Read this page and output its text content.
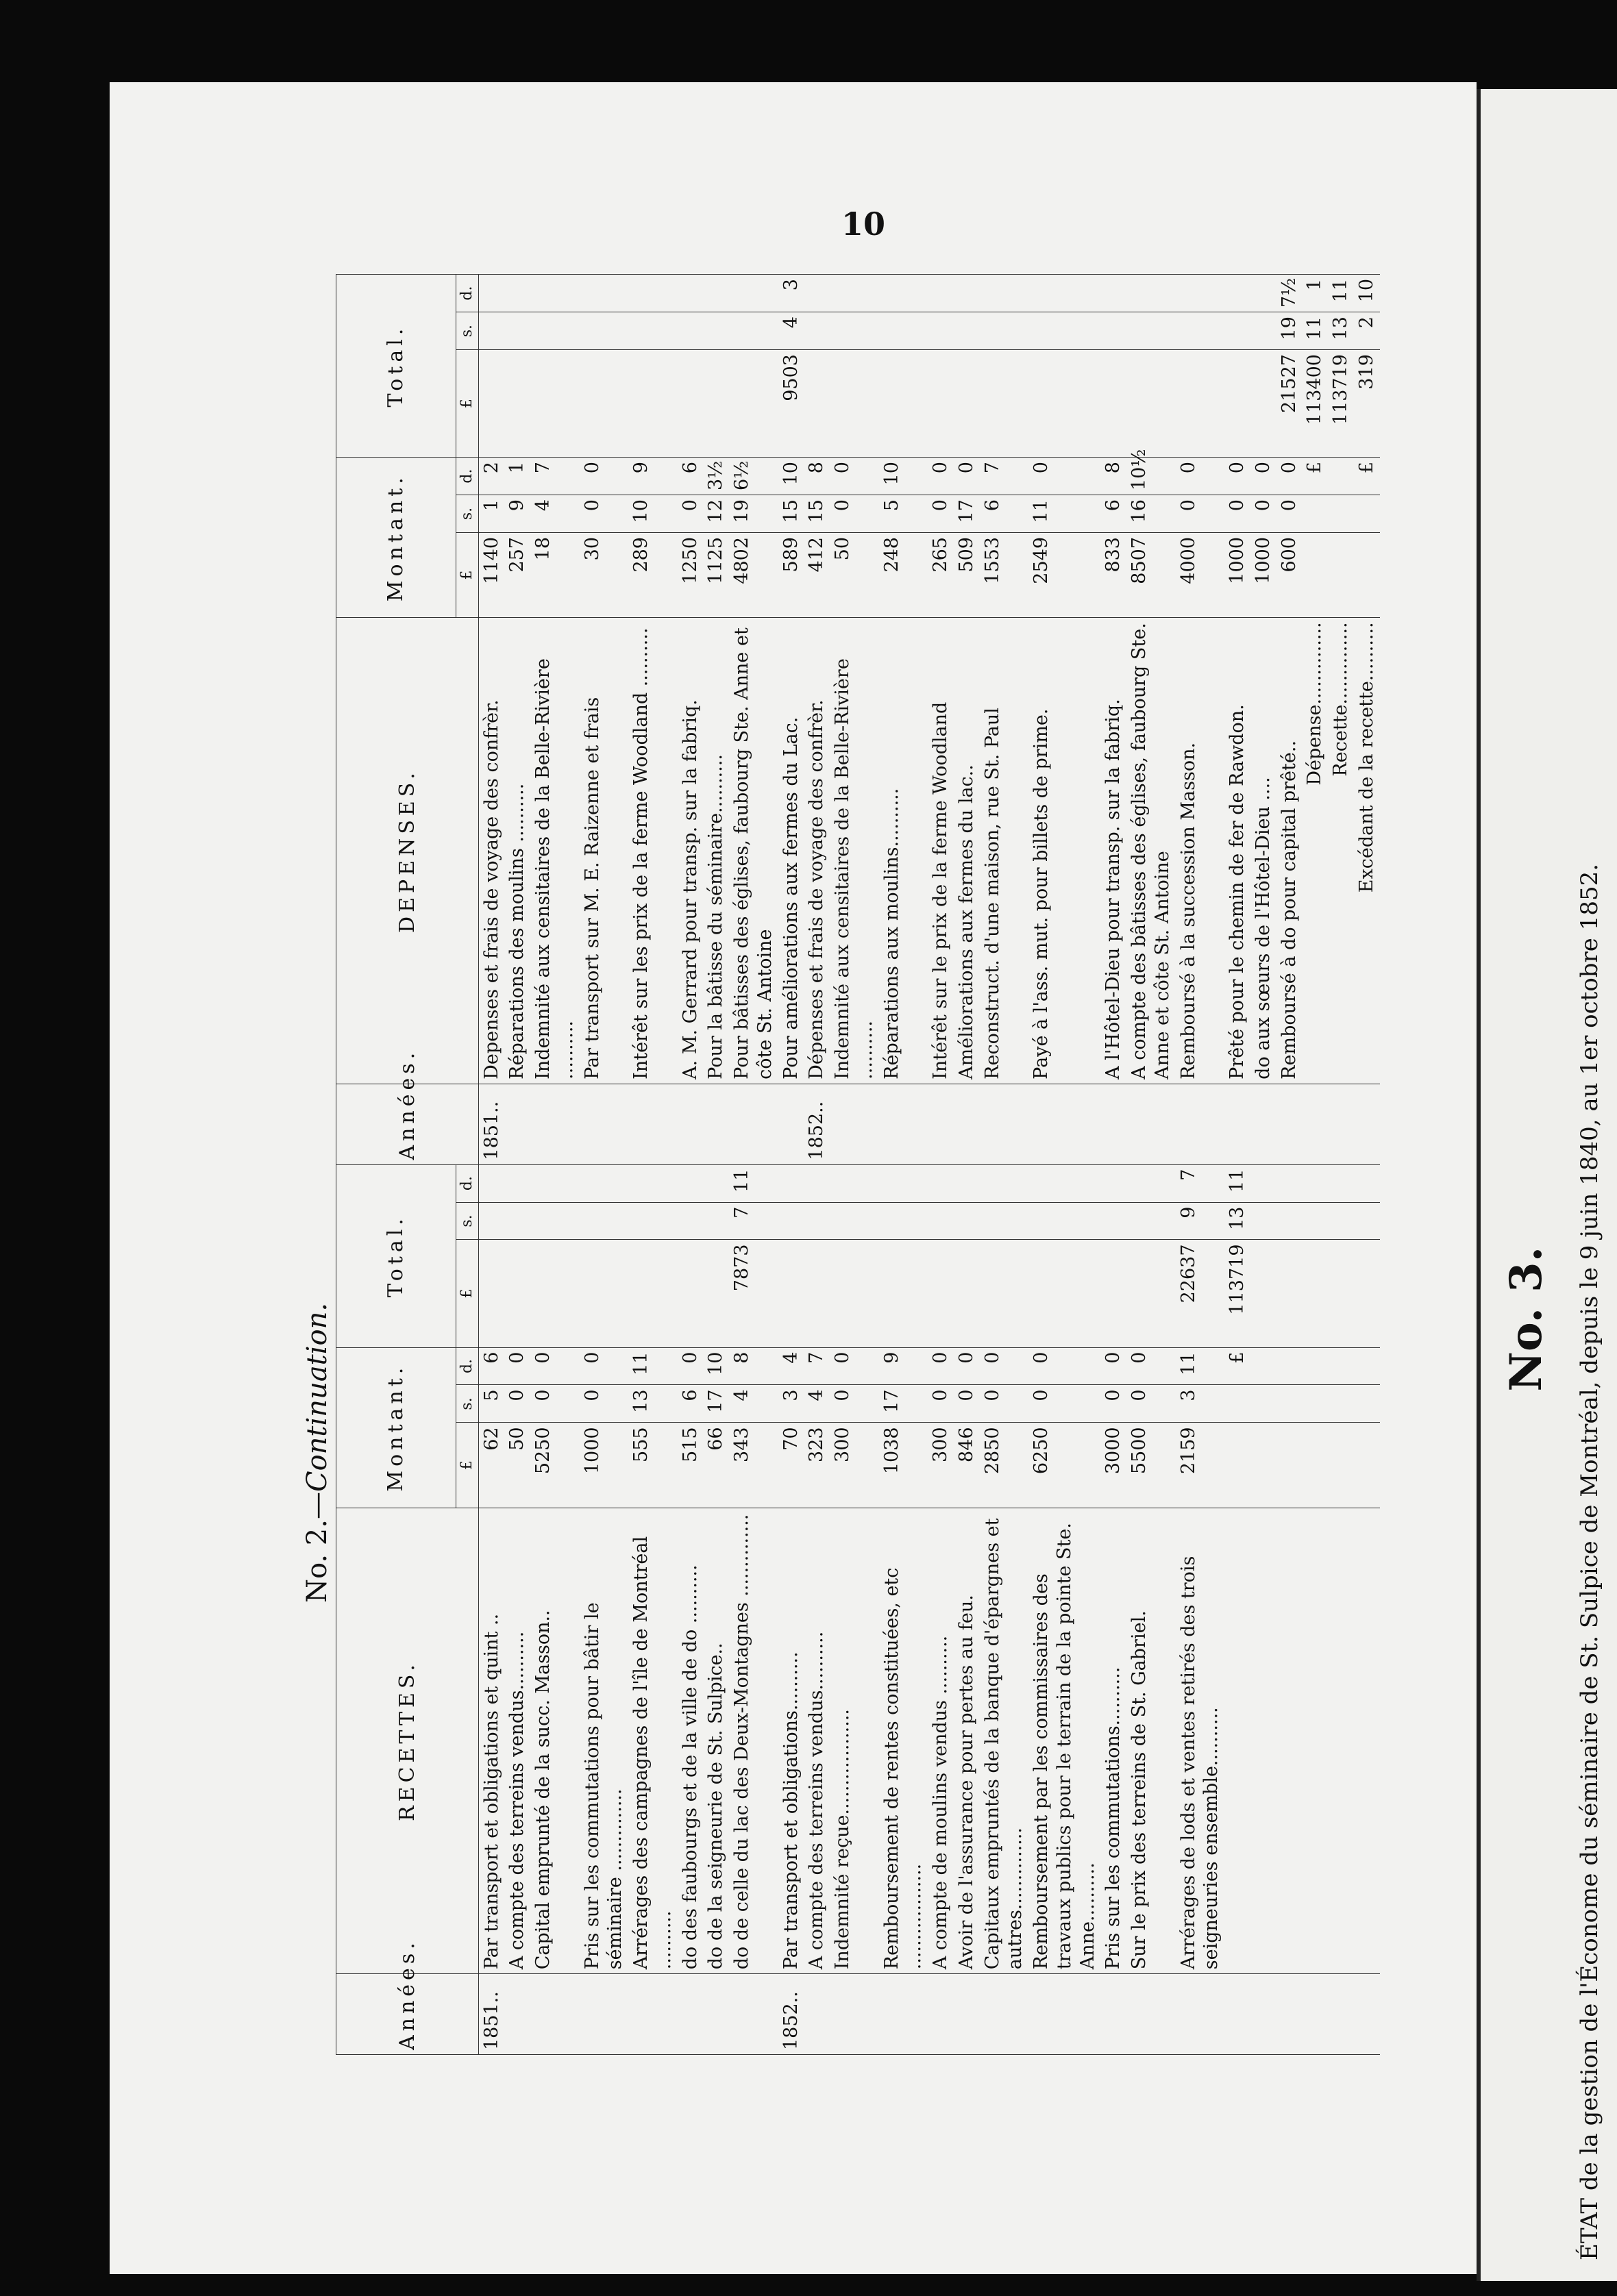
10
No. 2.—Continuation.	No. 3. ÉTAT de la gestion de l'Économe du séminaire de St. Sulpice de Montréal, depuis le 9 juin 1840, au 1er octobre 1852.
Années.	RECETTES.	Montant.			Total.			Années.	DEPENSES.	Montant.			Total.		
		£	s.	d.	£	s.	d.			£	s.	d.	£	s.	d.
1851..	Par transport et obligations et quint ..	62	5	6				1851..	Depenses et frais de voyage des confrèr.	1140	1	2			
	A compte des terreins vendus..........	50	0	0					Réparations des moulins ..........	257	9	1			
	Capital emprunté de la succ. Masson..	5250	0	0					Indemnité aux censitaires de la Belle-Rivière ..........	18	4	7			
	Pris sur les commutations pour bâtir le séminaire ..............	1000	0	0					Par transport sur M. E. Raizenne et frais	30	0	0			
	Arrérages des campagnes de l'île de Montréal ..........	555	13	11					Intérêt sur les prix de la ferme Woodland ..........	289	10	9			
	do des faubourgs et de la ville de do ..........	515	6	0					A. M. Gerrard pour transp. sur la fabriq.	1250	0	6			
	do de la seigneurie de St. Sulpice..	66	17	10					Pour la bâtisse du séminaire..........	1125	12	3½			
	do de celle du lac des Deux-Montagnes ..............	343	4	8	7873	7	11		Pour bâtisses des églises, faubourg Ste. Anne et côte St. Antoine	4802	19	6½			
1852..	Par transport et obligations..........	70	3	4					Pour améliorations aux fermes du Lac.	589	15	10	9503	4	3
	A compte des terreins vendus..........	323	4	7				1852..	Dépenses et frais de voyage des confrèr.	412	15	8			
	Indemnité reçue..................	300	0	0					Indemnité aux censitaires de la Belle-Rivière ..........	50	0	0			
	Remboursement de rentes constituées, etc ..................	1038	17	9					Réparations aux moulins..........	248	5	10			
	A compte de moulins vendus ..........	300	0	0					Intérêt sur le prix de la ferme Woodland	265	0	0			
	Avoir de l'assurance pour pertes au feu.	846	0	0					Améliorations aux fermes du lac..	509	17	0			
	Capitaux empruntés de la banque d'épargnes et autres..............	2850	0	0					Reconstruct. d'une maison, rue St. Paul	1553	6	7			
	Remboursement par les commissaires des travaux publics pour le terrain de la pointe Ste. Anne..........	6250	0	0					Payé à l'ass. mut. pour billets de prime.	2549	11	0			
	Pris sur les commutations..........	3000	0	0					A l'Hôtel-Dieu pour transp. sur la fabriq.	833	6	8			
	Sur le prix des terreins de St. Gabriel.	5500	0	0					A compte des bâtisses des églises, faubourg Ste. Anne et côte St. Antoine	8507	16	10½			
	Arrérages de lods et ventes retirés des trois seigneuries ensemble..........	2159	3	11	22637	9	7		Remboursé à la succession Masson.	4000	0	0			
				£	113719	13	11		Prêté pour le chemin de fer de Rawdon.	1000	0	0			
									do aux sœurs de l'Hôtel-Dieu ....	1000	0	0			
									Remboursé à do pour capital prêté..	600	0	0	21527	19	7½
									Dépense..............			£	113400	11	1
									Recette..............				113719	13	11
									Excédant de la recette..........			£	319	2	10
